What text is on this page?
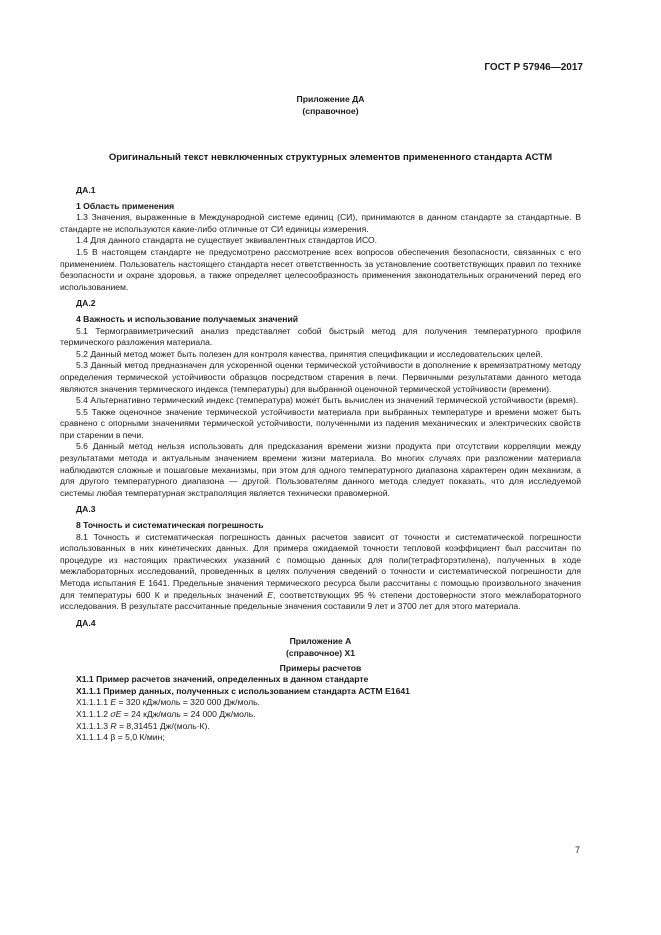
ГОСТ Р 57946—2017
Приложение ДА
(справочное)
Оригинальный текст невключенных структурных элементов примененного стандарта АСТМ
ДА.1
1 Область применения

1.3 Значения, выраженные в Международной системе единиц (СИ), принимаются в данном стандарте за стандартные. В стандарте не используются какие-либо отличные от СИ единицы измерения.

1.4 Для данного стандарта не существует эквивалентных стандартов ИСО.

1.5 В настоящем стандарте не предусмотрено рассмотрение всех вопросов обеспечения безопасности, связанных с его применением. Пользователь настоящего стандарта несет ответственность за установление соответствующих правил по технике безопасности и охране здоровья, а также определяет целесообразность применения законодательных ограничений перед его использованием.

ДА.2
4 Важность и использование получаемых значений

5.1 Термогравиметрический анализ представляет собой быстрый метод для получения температурного профиля термического разложения материала.

5.2 Данный метод может быть полезен для контроля качества, принятия спецификации и исследовательских целей.

5.3 Данный метод предназначен для ускоренной оценки термической устойчивости в дополнение к времязатратному методу определения термической устойчивости образцов посредством старения в печи. Первичными результатами данного метода являются значения термического индекса (температуры) для выбранной оценочной термической устойчивости (времени).

5.4 Альтернативно термический индекс (температура) может быть вычислен из значений термической устойчивости (время).

5.5 Также оценочное значение термической устойчивости материала при выбранных температуре и времени может быть сравнено с опорными значениями термической устойчивости, полученными из падения механических и электрических свойств при старении в печи.

5.6 Данный метод нельзя использовать для предсказания времени жизни продукта при отсутствии корреляции между результатами метода и актуальным значением времени жизни материала. Во многих случаях при разложении материала наблюдаются сложные и пошаговые механизмы, при этом для одного температурного диапазона характерен один механизм, а для другого температурного диапазона — другой. Пользователям данного метода следует показать, что для исследуемой системы любая температурная экстраполяция является технически правомерной.

ДА.3
8 Точность и систематическая погрешность

8.1 Точность и систематическая погрешность данных расчетов зависит от точности и систематической погрешности использованных в них кинетических данных. Для примера ожидаемой точности тепловой коэффициент был рассчитан по процедуре из настоящих практических указаний с помощью данных для поли(тетрафторэтилена), полученных в ходе межлабораторных исследований, проведенных в целях получения сведений о точности и систематической погрешности для Метода испытания Е 1641. Предельные значения термического ресурса были рассчитаны с помощью произвольного значения для температуры 600 К и предельных значений E, соответствующих 95 % степени достоверности этого межлабораторного исследования. В результате рассчитанные предельные значения составили 9 лет и 3700 лет для этого материала.

ДА.4
Приложение А
(справочное) Х1
Примеры расчетов
Х1.1 Пример расчетов значений, определенных в данном стандарте
Х1.1.1 Пример данных, полученных с использованием стандарта АСТМ Е1641
Х1.1.1.1 E = 320 кДж/моль = 320 000 Дж/моль.
Х1.1.1.2 σE = 24 кДж/моль = 24 000 Дж/моль.
Х1.1.1.3 R = 8,31451 Дж/(моль·К).
Х1.1.1.4 β = 5,0 К/мин;
7
